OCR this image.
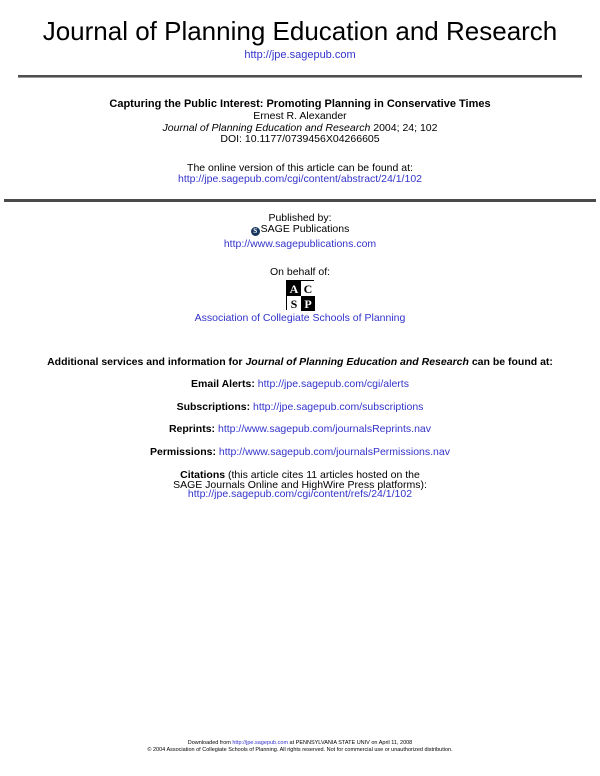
Journal of Planning Education and Research
http://jpe.sagepub.com
Capturing the Public Interest: Promoting Planning in Conservative Times
Ernest R. Alexander
Journal of Planning Education and Research 2004; 24; 102
DOI: 10.1177/0739456X04266605
The online version of this article can be found at:
http://jpe.sagepub.com/cgi/content/abstract/24/1/102
Published by:
S SAGE Publications
http://www.sagepublications.com
On behalf of:
A C
S P
Association of Collegiate Schools of Planning
Additional services and information for Journal of Planning Education and Research can be found at:
Email Alerts: http://jpe.sagepub.com/cgi/alerts
Subscriptions: http://jpe.sagepub.com/subscriptions
Reprints: http://www.sagepub.com/journalsReprints.nav
Permissions: http://www.sagepub.com/journalsPermissions.nav
Citations (this article cites 11 articles hosted on the
SAGE Journals Online and HighWire Press platforms):
http://jpe.sagepub.com/cgi/content/refs/24/1/102
Downloaded from http://jpe.sagepub.com at PENNSYLVANIA STATE UNIV on April 11, 2008
© 2004 Association of Collegiate Schools of Planning. All rights reserved. Not for commercial use or unauthorized distribution.
